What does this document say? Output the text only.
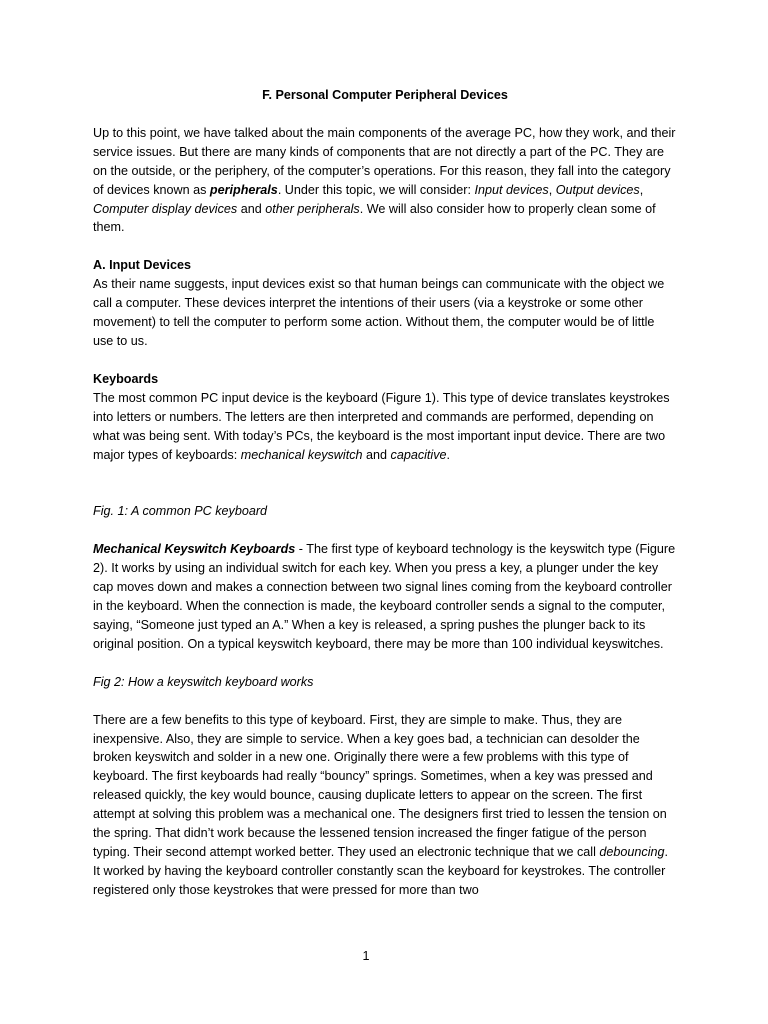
F. Personal Computer Peripheral Devices

Up to this point, we have talked about the main components of the average PC, how they work, and their service issues. But there are many kinds of components that are not directly a part of the PC. They are on the outside, or the periphery, of the computer’s operations. For this reason, they fall into the category of devices known as peripherals. Under this topic, we will consider: Input devices, Output devices, Computer display devices and other peripherals. We will also consider how to properly clean some of them.

A. Input Devices
As their name suggests, input devices exist so that human beings can communicate with the object we call a computer. These devices interpret the intentions of their users (via a keystroke or some other movement) to tell the computer to perform some action. Without them, the computer would be of little use to us.

Keyboards
The most common PC input device is the keyboard (Figure 1). This type of device translates keystrokes into letters or numbers. The letters are then interpreted and commands are performed, depending on what was being sent. With today’s PCs, the keyboard is the most important input device. There are two major types of keyboards: mechanical keyswitch and capacitive.

Fig. 1: A common PC keyboard

Mechanical Keyswitch Keyboards - The first type of keyboard technology is the keyswitch type (Figure 2). It works by using an individual switch for each key. When you press a key, a plunger under the key cap moves down and makes a connection between two signal lines coming from the keyboard controller in the keyboard. When the connection is made, the keyboard controller sends a signal to the computer, saying, “Someone just typed an A.” When a key is released, a spring pushes the plunger back to its original position. On a typical keyswitch keyboard, there may be more than 100 individual keyswitches.

Fig 2: How a keyswitch keyboard works

There are a few benefits to this type of keyboard. First, they are simple to make. Thus, they are inexpensive. Also, they are simple to service. When a key goes bad, a technician can desolder the broken keyswitch and solder in a new one. Originally there were a few problems with this type of keyboard. The first keyboards had really “bouncy” springs. Sometimes, when a key was pressed and released quickly, the key would bounce, causing duplicate letters to appear on the screen. The first attempt at solving this problem was a mechanical one. The designers first tried to lessen the tension on the spring. That didn’t work because the lessened tension increased the finger fatigue of the person typing. Their second attempt worked better. They used an electronic technique that we call debouncing. It worked by having the keyboard controller constantly scan the keyboard for keystrokes. The controller registered only those keystrokes that were pressed for more than two

1
